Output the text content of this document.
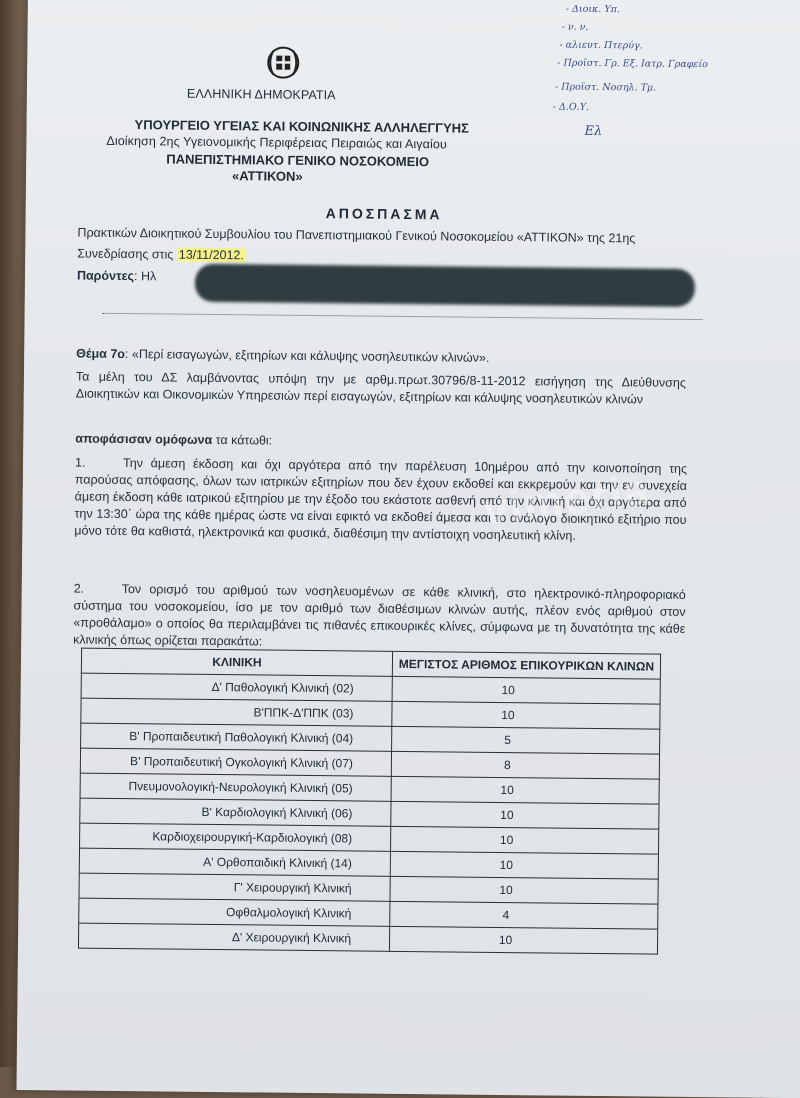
ΕΛΛΗΝΙΚΗ ΔΗΜΟΚΡΑΤΙΑ
ΥΠΟΥΡΓΕΙΟ ΥΓΕΙΑΣ ΚΑΙ ΚΟΙΝΩΝΙΚΗΣ ΑΛΛΗΛΕΓΓΥΗΣ
Διοίκηση 2ης Υγειονομικής Περιφέρειας Πειραιώς και Αιγαίου
ΠΑΝΕΠΙΣΤΗΜΙΑΚΟ ΓΕΝΙΚΟ ΝΟΣΟΚΟΜΕΙΟ
«ΑΤΤΙΚΟΝ»
- Διοικ. Υπ.
- ν. ν.
- αλιευτ. Πτερύγ.
- Προϊστ. Γρ. Εξ. Ιατρ. Γραφείο
- Προϊστ. Νοσηλ. Τμ.
- Δ.Ο.Υ.
Ελ
ΑΠΟΣΠΑΣΜΑ
Πρακτικών Διοικητικού Συμβουλίου του Πανεπιστημιακού Γενικού Νοσοκομείου «ΑΤΤΙΚΟΝ» της 21ης
Συνεδρίασης στις 13/11/2012.
Παρόντες: Ηλ
Θέμα 7ο: «Περί εισαγωγών, εξιτηρίων και κάλυψης νοσηλευτικών κλινών».
Τα μέλη του ΔΣ λαμβάνοντας υπόψη την με αρθμ.πρωτ.30796/8-11-2012 εισήγηση της Διεύθυνσης Διοικητικών και Οικονομικών Υπηρεσιών περί εισαγωγών, εξιτηρίων και κάλυψης νοσηλευτικών κλινών
αποφάσισαν ομόφωνα τα κάτωθι:
1.	Την άμεση έκδοση και όχι αργότερα από την παρέλευση 10ημέρου από την κοινοποίηση της παρούσας απόφασης, όλων των ιατρικών εξιτηρίων που δεν έχουν εκδοθεί και εκκρεμούν και την εν συνεχεία άμεση έκδοση κάθε ιατρικού εξιτηρίου με την έξοδο του εκάστοτε ασθενή από την κλινική και όχι αργότερα από την 13:30΄ ώρα της κάθε ημέρας ώστε να είναι εφικτό να εκδοθεί άμεσα και το ανάλογο διοικητικό εξιτήριο που μόνο τότε θα καθιστά, ηλεκτρονικά και φυσικά, διαθέσιμη την αντίστοιχη νοσηλευτική κλίνη.
2.	Τον ορισμό του αριθμού των νοσηλευομένων σε κάθε κλινική, στο ηλεκτρονικό-πληροφοριακό σύστημα του νοσοκομείου, ίσο με τον αριθμό των διαθέσιμων κλινών αυτής, πλέον ενός αριθμού στον «προθάλαμο» ο οποίος θα περιλαμβάνει τις πιθανές επικουρικές κλίνες, σύμφωνα με τη δυνατότητα της κάθε κλινικής όπως ορίζεται παρακάτω:
vimeria
ΚΛΙΝΙΚΗ	ΜΕΓΙΣΤΟΣ ΑΡΙΘΜΟΣ ΕΠΙΚΟΥΡΙΚΩΝ ΚΛΙΝΩΝ
Δ' Παθολογική Κλινική (02)	10
Β'ΠΠΚ-Δ'ΠΠΚ (03)	10
Β' Προπαιδευτική Παθολογική Κλινική (04)	5
Β' Προπαιδευτική Ογκολογική Κλινική (07)	8
Πνευμονολογική-Νευρολογική Κλινική (05)	10
Β' Καρδιολογική Κλινική (06)	10
Καρδιοχειρουργική-Καρδιολογική (08)	10
Α' Ορθοπαιδική Κλινική (14)	10
Γ' Χειρουργική Κλινική	10
Οφθαλμολογική Κλινική	4
Δ' Χειρουργική Κλινική	10
